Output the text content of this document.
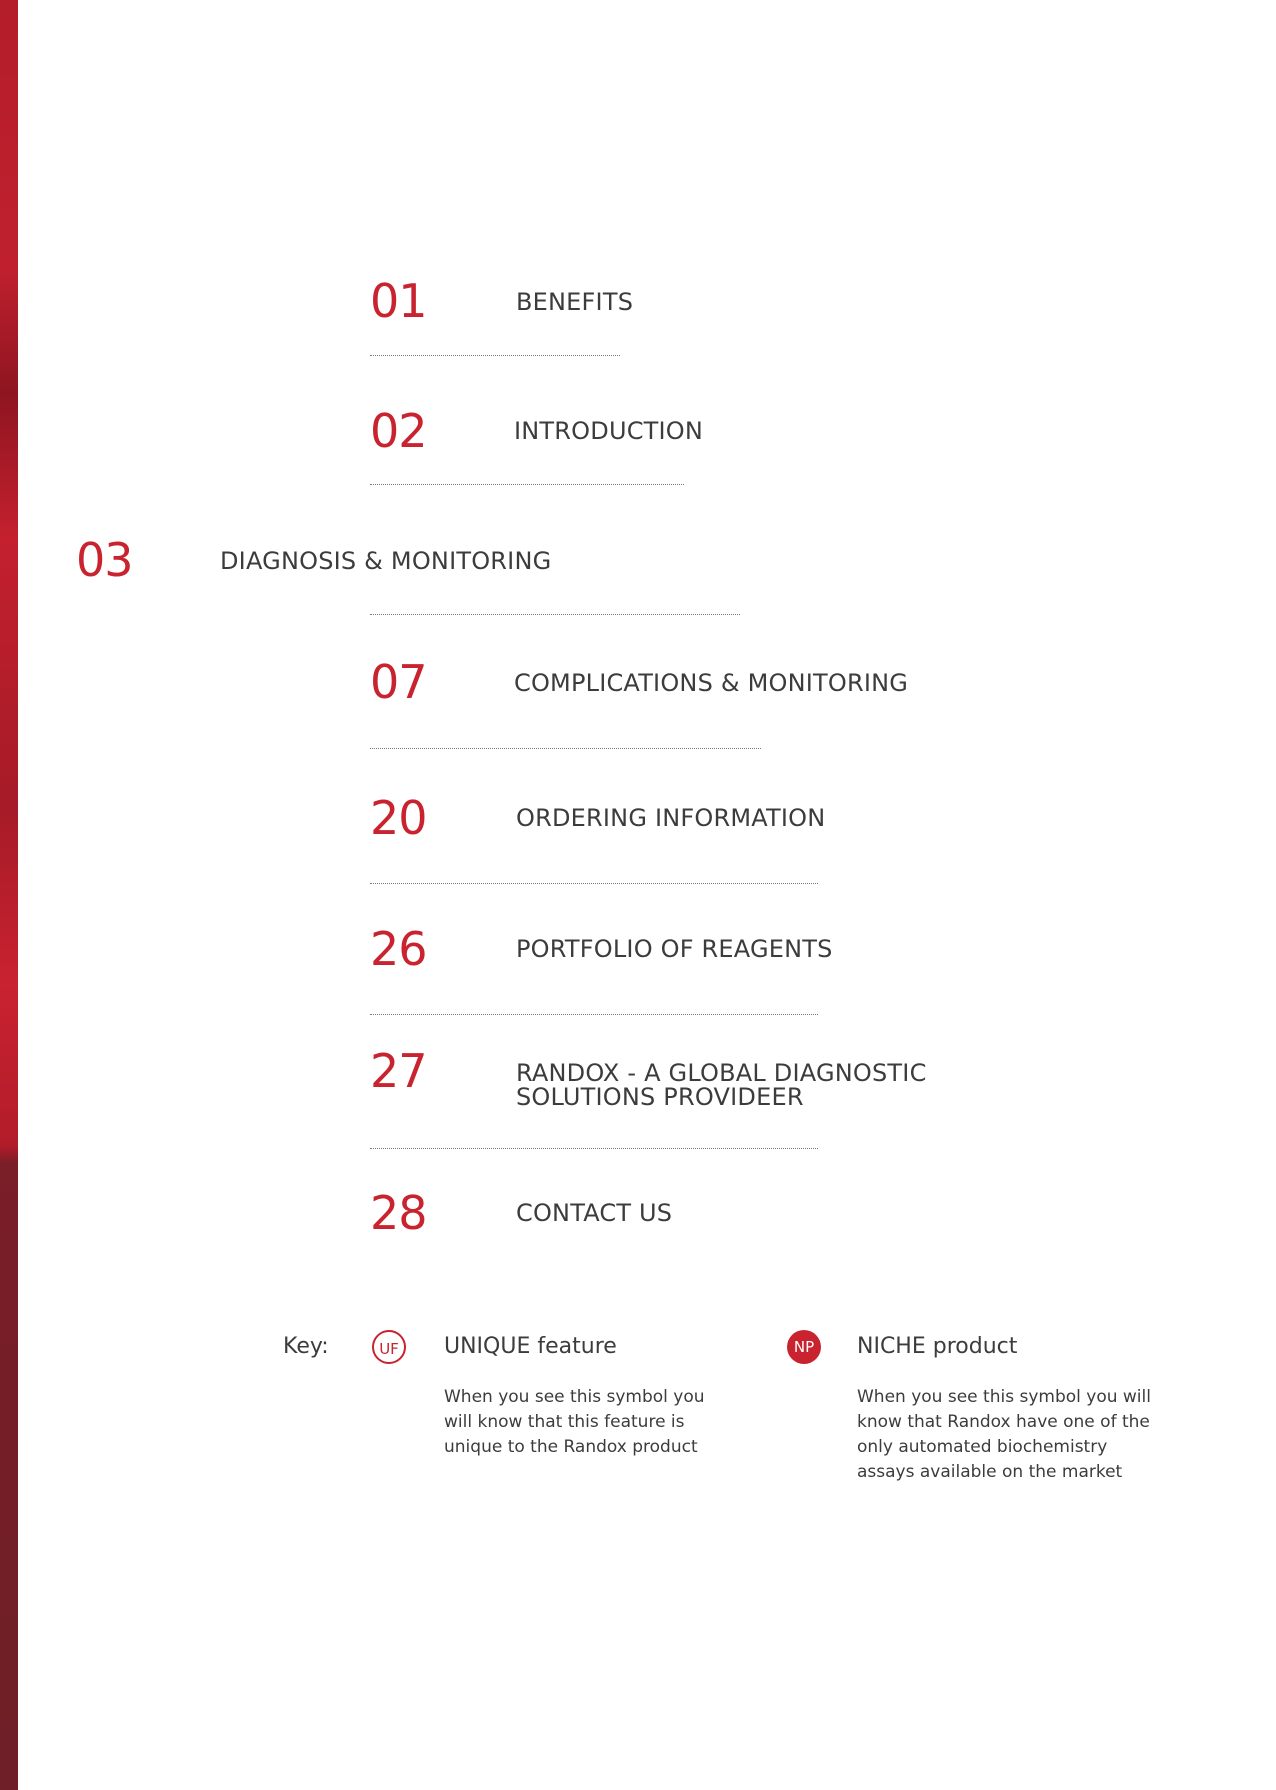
01	BENEFITS
02	INTRODUCTION
03	DIAGNOSIS & MONITORING
07	COMPLICATIONS & MONITORING
20	ORDERING INFORMATION
26	PORTFOLIO OF REAGENTS
27	RANDOX - A GLOBAL DIAGNOSTIC
SOLUTIONS PROVIDEER
28	CONTACT US
Key:	UF	UNIQUE feature
When you see this symbol you will know that this feature is unique to the Randox product
NP	NICHE product
When you see this symbol you will know that Randox have one of the only automated biochemistry assays available on the market
